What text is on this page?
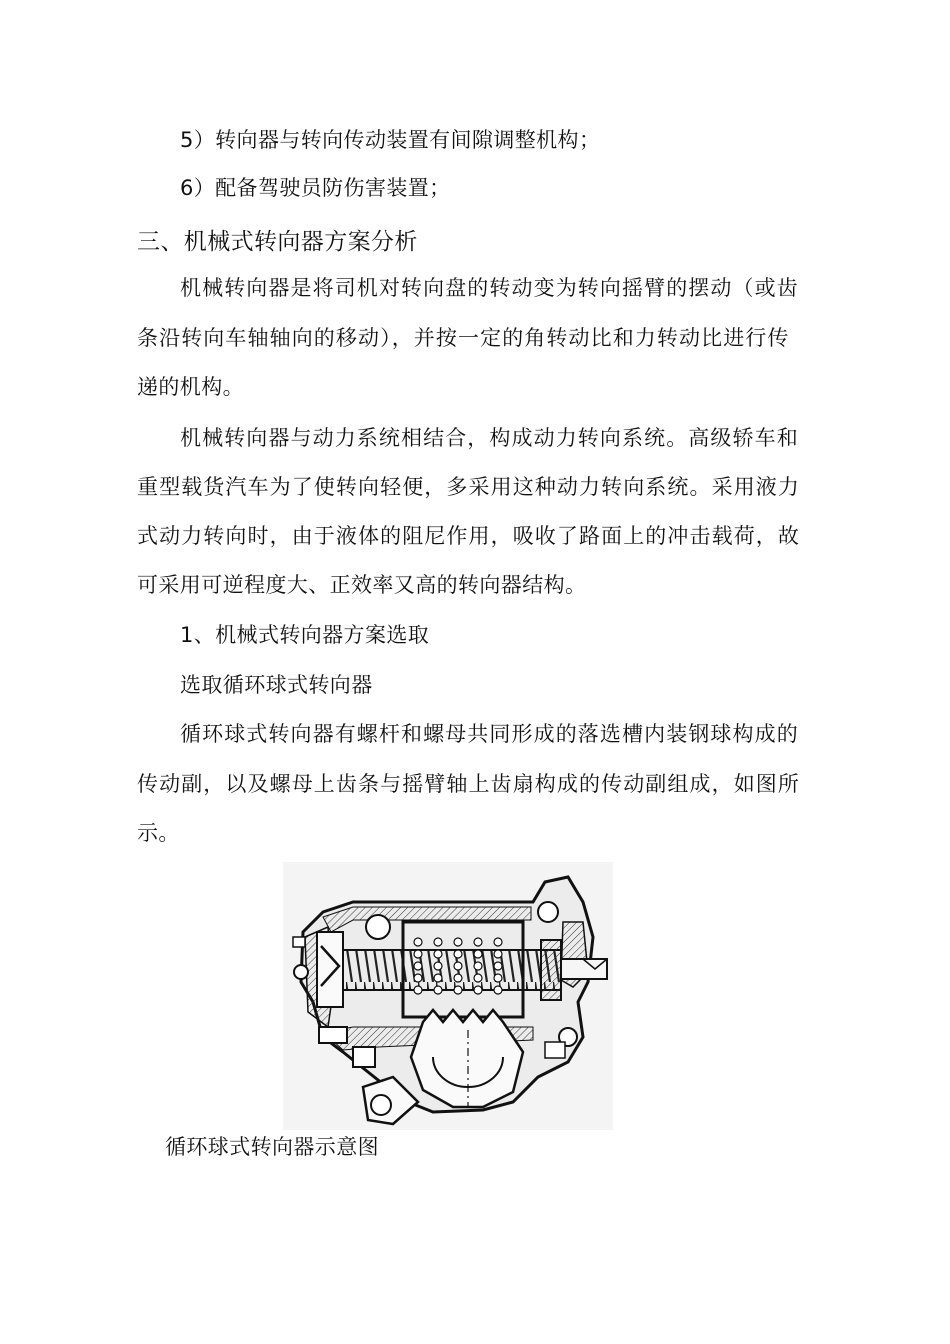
5）转向器与转向传动装置有间隙调整机构；
6）配备驾驶员防伤害装置；
三、机械式转向器方案分析
机械转向器是将司机对转向盘的转动变为转向摇臂的摆动（或齿
条沿转向车轴轴向的移动），并按一定的角转动比和力转动比进行传
递的机构。
机械转向器与动力系统相结合，构成动力转向系统。高级轿车和
重型载货汽车为了使转向轻便，多采用这种动力转向系统。采用液力
式动力转向时，由于液体的阻尼作用，吸收了路面上的冲击载荷，故
可采用可逆程度大、正效率又高的转向器结构。
1、机械式转向器方案选取
选取循环球式转向器
循环球式转向器有螺杆和螺母共同形成的落选槽内装钢球构成的
传动副，以及螺母上齿条与摇臂轴上齿扇构成的传动副组成，如图所
示。
循环球式转向器示意图
